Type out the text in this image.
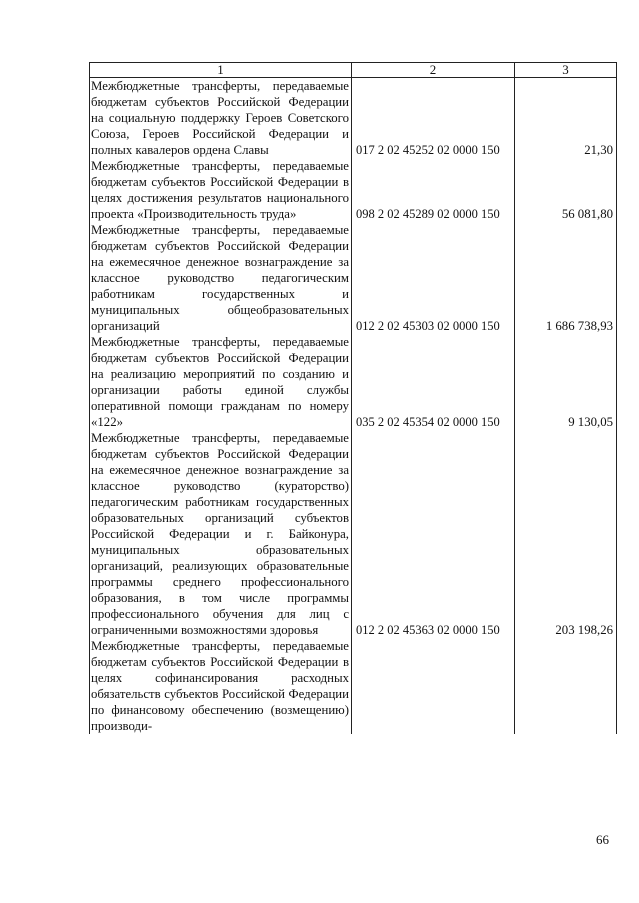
1	2	3
Межбюджетные трансферты, передаваемые бюджетам субъектов Российской Федерации на социальную поддержку Героев Советского Союза, Героев Российской Федерации и полных кавалеров ордена Славы	017 2 02 45252 02 0000 150	21,30
Межбюджетные трансферты, передаваемые бюджетам субъектов Российской Федерации в целях достижения результатов национального проекта «Производительность труда»	098 2 02 45289 02 0000 150	56 081,80
Межбюджетные трансферты, передаваемые бюджетам субъектов Российской Федерации на ежемесячное денежное вознаграждение за классное руководство педагогическим работникам государственных и муниципальных общеобразовательных организаций	012 2 02 45303 02 0000 150	1 686 738,93
Межбюджетные трансферты, передаваемые бюджетам субъектов Российской Федерации на реализацию мероприятий по созданию и организации работы единой службы оперативной помощи гражданам по номеру «122»	035 2 02 45354 02 0000 150	9 130,05
Межбюджетные трансферты, передаваемые бюджетам субъектов Российской Федерации на ежемесячное денежное вознаграждение за классное руководство (кураторство) педагогическим работникам государственных образовательных организаций субъектов Российской Федерации и г. Байконура, муниципальных образовательных организаций, реализующих образовательные программы среднего профессионального образования, в том числе программы профессионального обучения для лиц с ограниченными возможностями здоровья	012 2 02 45363 02 0000 150	203 198,26
Межбюджетные трансферты, передаваемые бюджетам субъектов Российской Федерации в целях софинансирования расходных обязательств субъектов Российской Федерации по финансовому обеспечению (возмещению) производи-		
66
